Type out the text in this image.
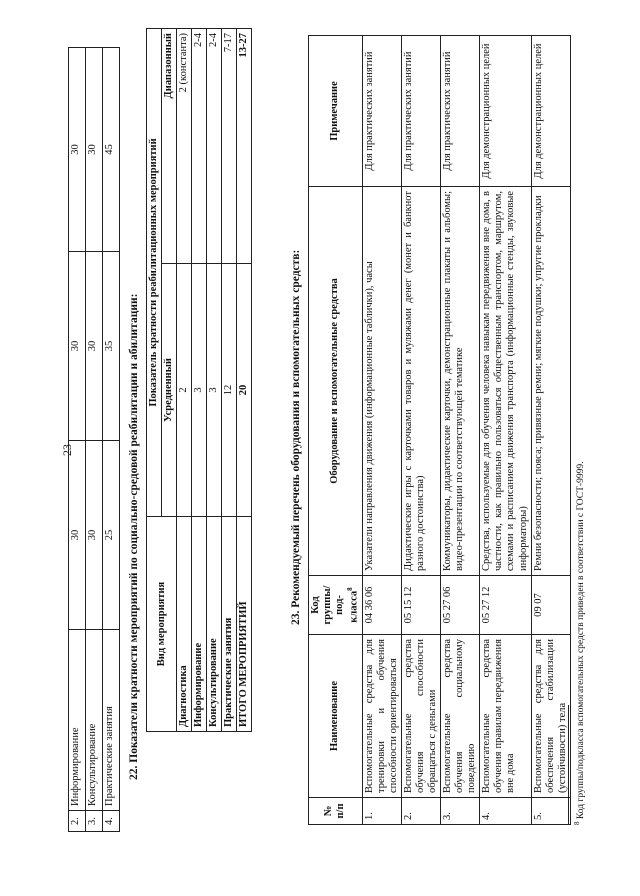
23
2.	Информирование	30	30	30
3.	Консультирование	30	30	30
4.	Практические занятия	25	35	45
22. Показатели кратности мероприятий по социально-средовой реабилитации и абилитации: Вид мероприятия	Показатель кратности реабилитационных мероприятий	
	Усредненный	Диапазонный
Диагностика	2	2 (константа)
Информирование	3	2-4
Консультирование	3	2-4
Практические занятия	12	7-17
ИТОГО МЕРОПРИЯТИЙ	20	13-27
23. Рекомендуемый перечень оборудования и вспомогательных средств:
№ п/п	Наименование	Код группы/под-класса$^8$	Оборудование и вспомогательные средства	Примечание
1.	Вспомогательные средства для тренировки и обучения способности ориентироваться	04 36 06	Указатели направления движения (информационные таблички), часы	Для практических занятий
2.	Вспомогательные средства обучения способности обращаться с деньгами	05 15 12	Дидактические игры с карточками товаров и муляжами денег (монет и банкнот разного достоинства)	Для практических занятий
3.	Вспомогательные средства обучения социальному поведению	05 27 06	Коммуникаторы, дидактические карточки, демонстрационные плакаты и альбомы; видео-презентации по соответствующей тематике	Для практических занятий
4.	Вспомогательные средства обучения правилам передвижения вне дома	05 27 12	Средства, используемые для обучения человека навыкам передвижения вне дома, в частности, как правильно пользоваться общественным транспортом, маршрутом, схемами и расписанием движения транспорта (информационные стенды, звуковые информаторы)	Для демонстрационных целей
5.	Вспомогательные средства для обеспечения стабилизации (устойчивости) тела	09 07	Ремни безопасности; пояса; привязные ремни; мягкие подушки; упругие прокладки	Для демонстрационных целей
$^8$ Код группы/подкласса вспомогательных средств приведен в соответствии с ГОСТ-9999.
